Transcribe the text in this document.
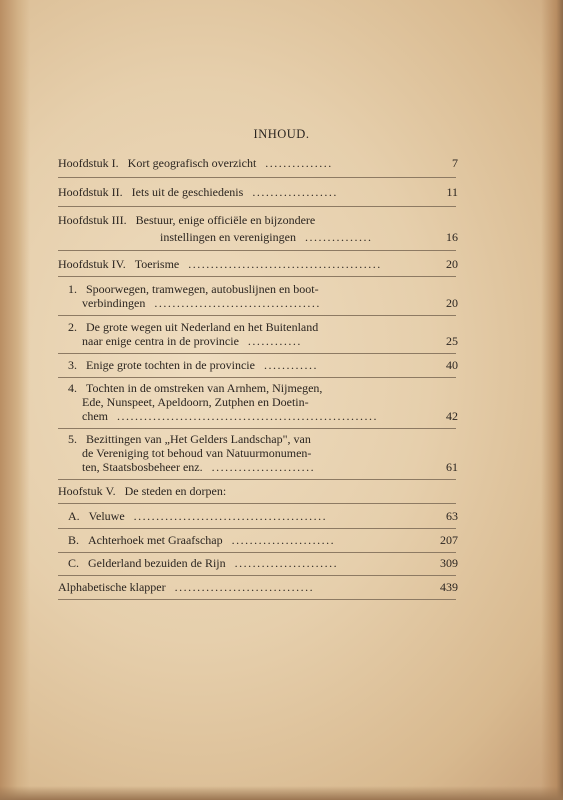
INHOUD.
Hoofdstuk I. Kort geografisch overzicht ...............	7
Hoofdstuk II. Iets uit de geschiedenis ...................	11
Hoofdstuk III. Bestuur, enige officiële en bijzondere
instellingen en verenigingen ...............	16
Hoofdstuk IV. Toerisme ...........................................	20
1. Spoorwegen, tramwegen, autobuslijnen en boot-
verbindingen .....................................	20
2. De grote wegen uit Nederland en het Buitenland
naar enige centra in de provincie ............	25
3. Enige grote tochten in de provincie ............	40
4. Tochten in de omstreken van Arnhem, Nijmegen,
Ede, Nunspeet, Apeldoorn, Zutphen en Doetin-
chem ..........................................................	42
5. Bezittingen van „Het Gelders Landschap", van
de Vereniging tot behoud van Natuurmonumen-
ten, Staatsbosbeheer enz. .......................	61
Hoofstuk V. De steden en dorpen:
A. Veluwe ...........................................	63
B. Achterhoek met Graafschap .......................	207
C. Gelderland bezuiden de Rijn .......................	309
Alphabetische klapper ...............................	439
